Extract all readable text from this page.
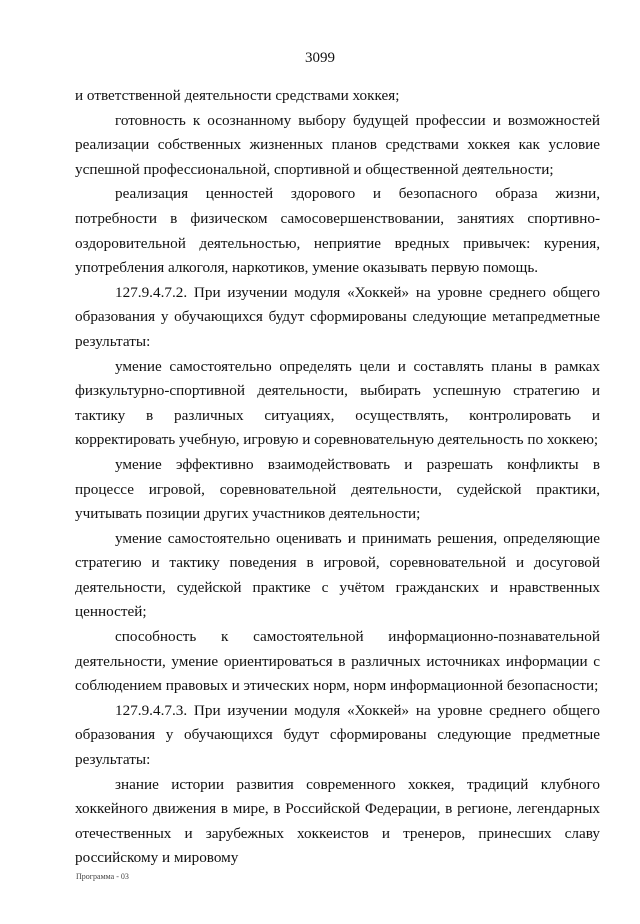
3099

и ответственной деятельности средствами хоккея;

готовность к осознанному выбору будущей профессии и возможностей реализации собственных жизненных планов средствами хоккея как условие успешной профессиональной, спортивной и общественной деятельности;

реализация ценностей здорового и безопасного образа жизни, потребности в физическом самосовершенствовании, занятиях спортивно-оздоровительной деятельностью, неприятие вредных привычек: курения, употребления алкоголя, наркотиков, умение оказывать первую помощь.

127.9.4.7.2. При изучении модуля «Хоккей» на уровне среднего общего образования у обучающихся будут сформированы следующие метапредметные результаты:

умение самостоятельно определять цели и составлять планы в рамках физкультурно-спортивной деятельности, выбирать успешную стратегию и тактику в различных ситуациях, осуществлять, контролировать и корректировать учебную, игровую и соревновательную деятельность по хоккею;

умение эффективно взаимодействовать и разрешать конфликты в процессе игровой, соревновательной деятельности, судейской практики, учитывать позиции других участников деятельности;

умение самостоятельно оценивать и принимать решения, определяющие стратегию и тактику поведения в игровой, соревновательной и досуговой деятельности, судейской практике с учётом гражданских и нравственных ценностей;

способность к самостоятельной информационно-познавательной деятельности, умение ориентироваться в различных источниках информации с соблюдением правовых и этических норм, норм информационной безопасности;

127.9.4.7.3. При изучении модуля «Хоккей» на уровне среднего общего образования у обучающихся будут сформированы следующие предметные результаты:

знание истории развития современного хоккея, традиций клубного хоккейного движения в мире, в Российской Федерации, в регионе, легендарных отечественных и зарубежных хоккеистов и тренеров, принесших славу российскому и мировому

Программа - 03
